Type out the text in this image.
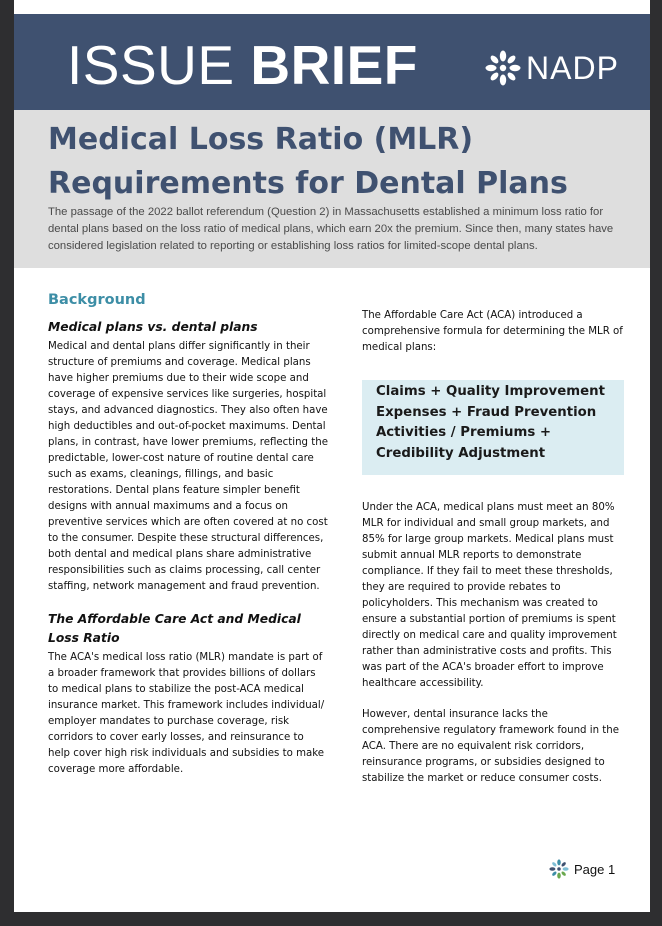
ISSUE BRIEF	NADP
Medical Loss Ratio (MLR) Requirements for Dental Plans

The passage of the 2022 ballot referendum (Question 2) in Massachusetts established a minimum loss ratio for dental plans based on the loss ratio of medical plans, which earn 20x the premium. Since then, many states have considered legislation related to reporting or establishing loss ratios for limited-scope dental plans.

Background
Medical plans vs. dental plans

Medical and dental plans differ significantly in their structure of premiums and coverage. Medical plans have higher premiums due to their wide scope and coverage of expensive services like surgeries, hospital stays, and advanced diagnostics. They also often have high deductibles and out-of-pocket maximums. Dental plans, in contrast, have lower premiums, reflecting the predictable, lower-cost nature of routine dental care such as exams, cleanings, fillings, and basic restorations. Dental plans feature simpler benefit designs with annual maximums and a focus on preventive services which are often covered at no cost to the consumer. Despite these structural differences, both dental and medical plans share administrative responsibilities such as claims processing, call center staffing, network management and fraud prevention.

The Affordable Care Act and Medical Loss Ratio

The ACA's medical loss ratio (MLR) mandate is part of a broader framework that provides billions of dollars to medical plans to stabilize the post-ACA medical insurance market. This framework includes individual/ employer mandates to purchase coverage, risk corridors to cover early losses, and reinsurance to help cover high risk individuals and subsidies to make coverage more affordable.

The Affordable Care Act (ACA) introduced a comprehensive formula for determining the MLR of medical plans:

Claims + Quality Improvement Expenses + Fraud Prevention Activities / Premiums + Credibility Adjustment

Under the ACA, medical plans must meet an 80% MLR for individual and small group markets, and 85% for large group markets. Medical plans must submit annual MLR reports to demonstrate compliance. If they fail to meet these thresholds, they are required to provide rebates to policyholders. This mechanism was created to ensure a substantial portion of premiums is spent directly on medical care and quality improvement rather than administrative costs and profits. This was part of the ACA's broader effort to improve healthcare accessibility.

However, dental insurance lacks the comprehensive regulatory framework found in the ACA. There are no equivalent risk corridors, reinsurance programs, or subsidies designed to stabilize the market or reduce consumer costs.

Page 1
